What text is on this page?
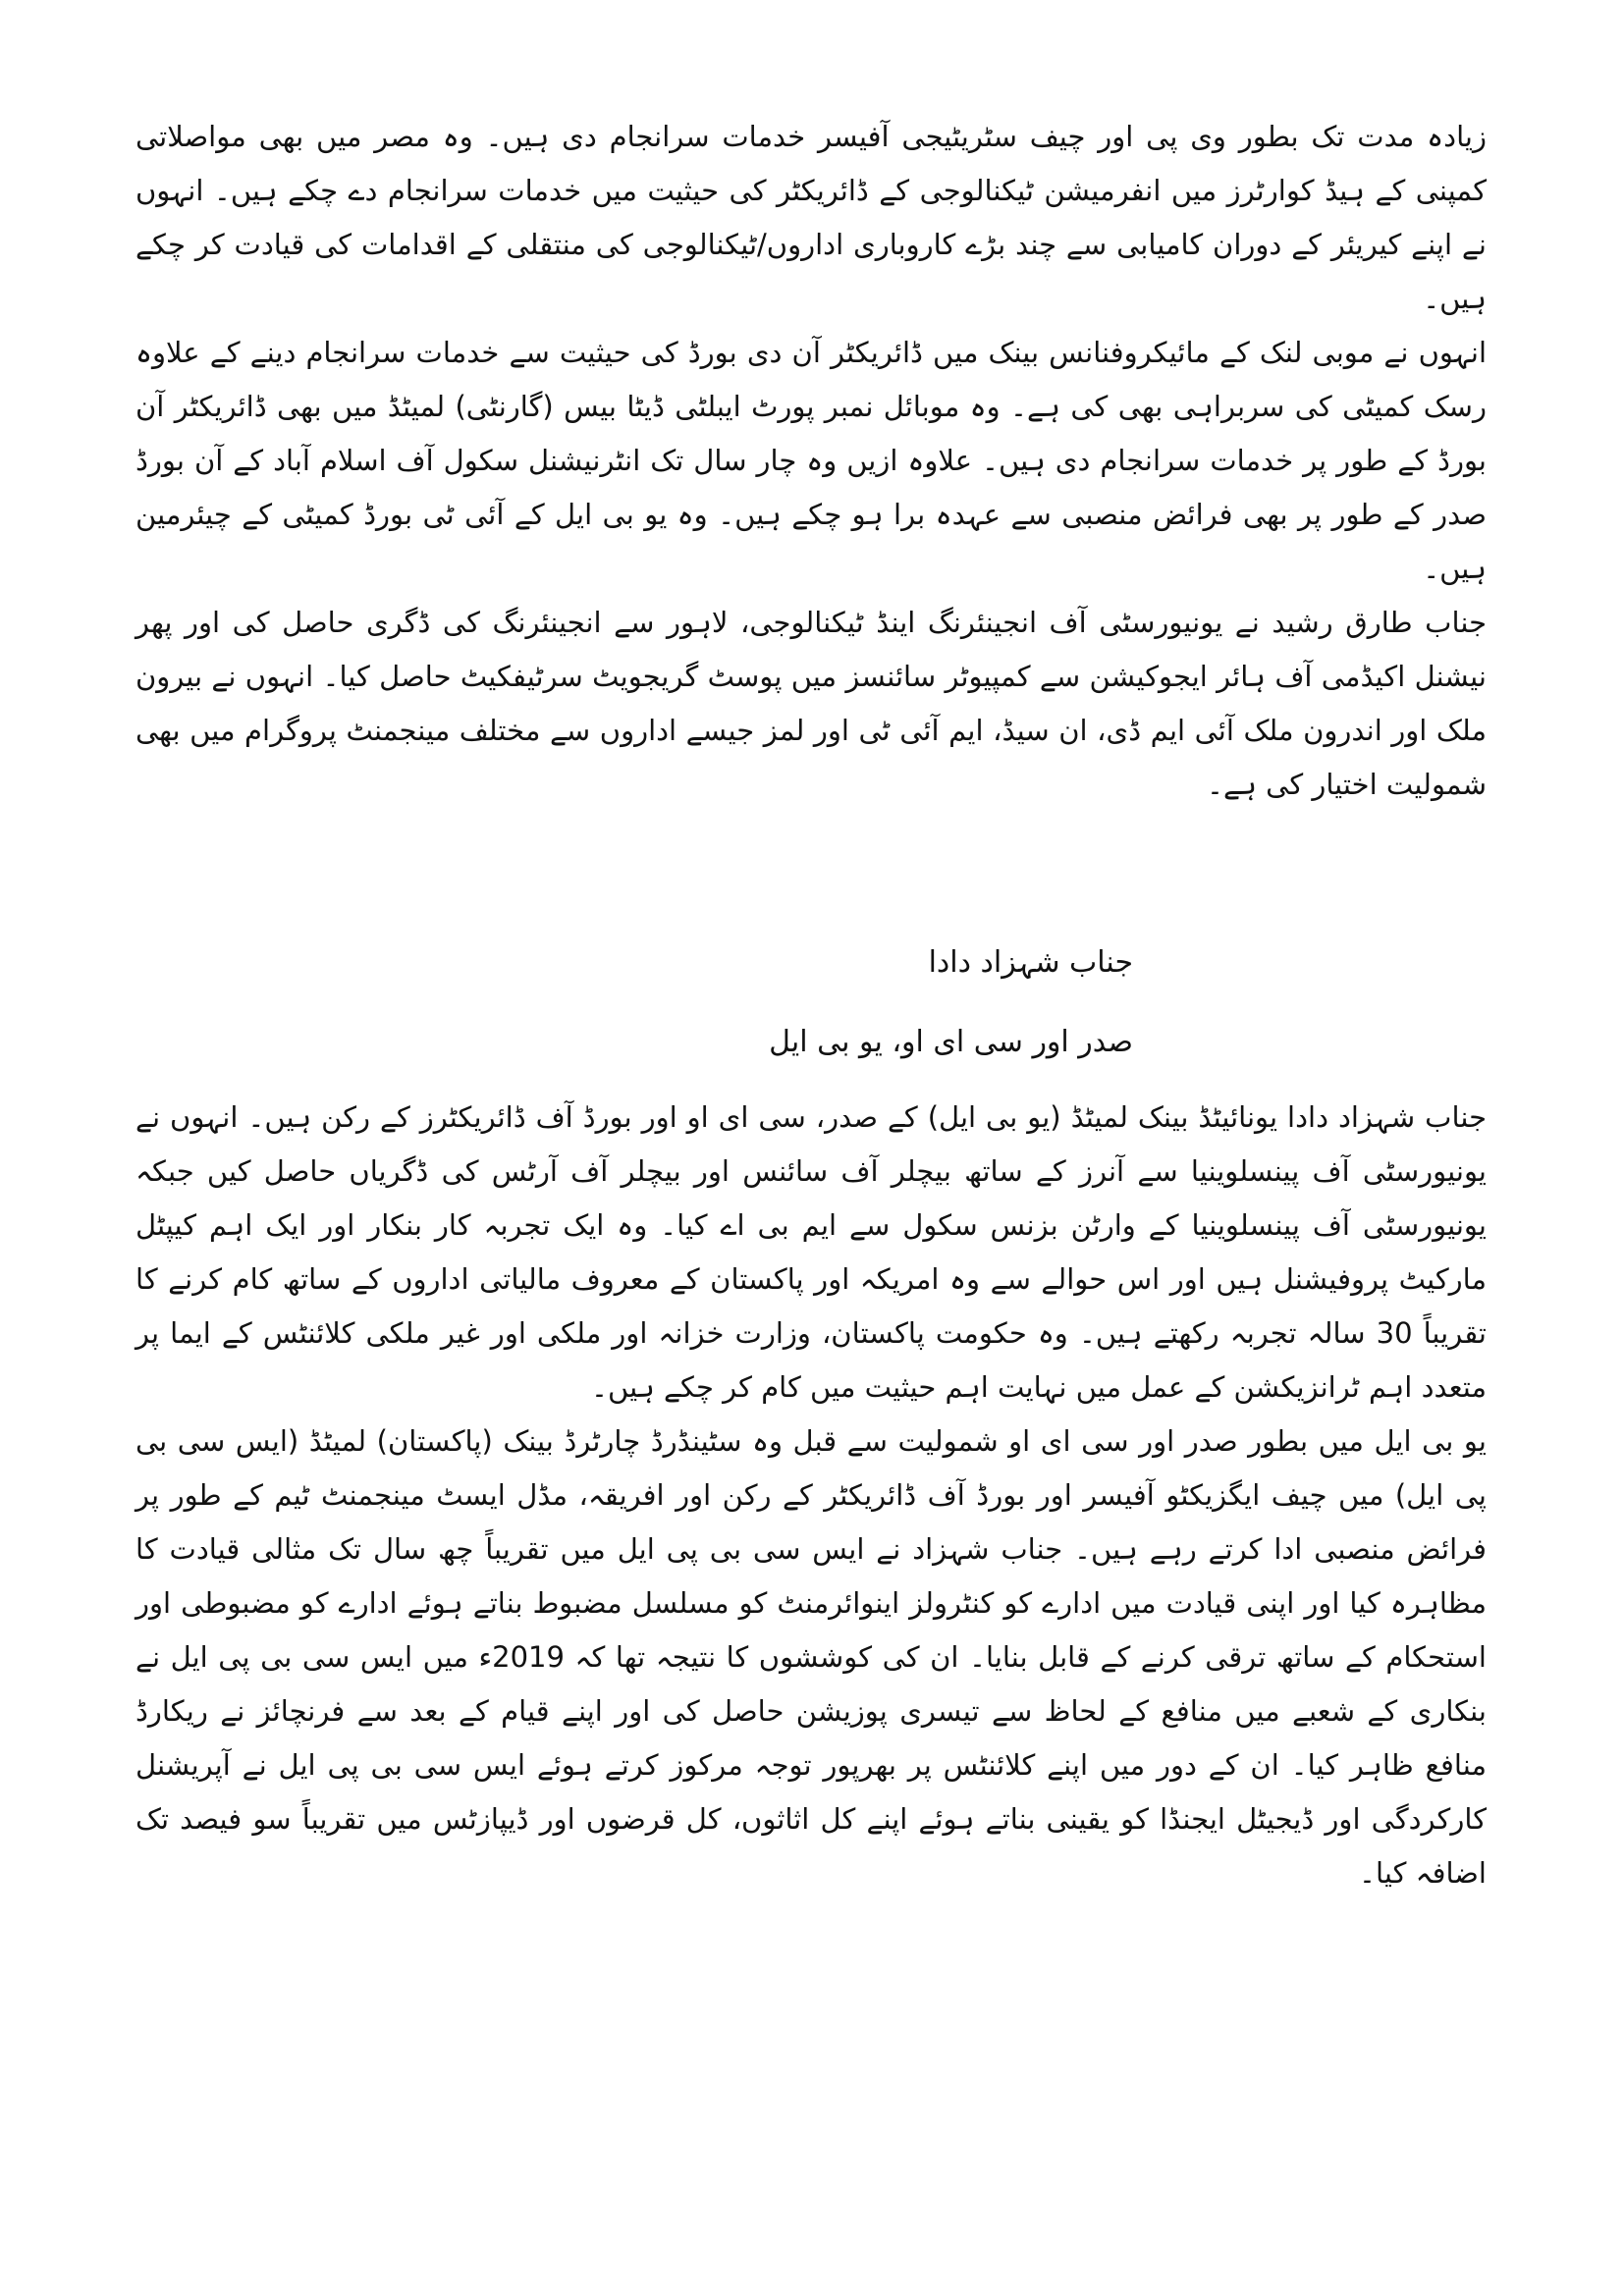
زیادہ مدت تک بطور وی پی اور چیف سٹریٹیجی آفیسر خدمات سرانجام دی ہیں۔ وہ مصر میں بھی مواصلاتی کمپنی کے ہیڈ کوارٹرز میں انفرمیشن ٹیکنالوجی کے ڈائریکٹر کی حیثیت میں خدمات سرانجام دے چکے ہیں۔ انہوں نے اپنے کیریئر کے دوران کامیابی سے چند بڑے کاروباری اداروں/ٹیکنالوجی کی منتقلی کے اقدامات کی قیادت کر چکے ہیں۔

انہوں نے موبی لنک کے مائیکروفنانس بینک میں ڈائریکٹر آن دی بورڈ کی حیثیت سے خدمات سرانجام دینے کے علاوہ رسک کمیٹی کی سربراہی بھی کی ہے۔ وہ موبائل نمبر پورٹ ایبلٹی ڈیٹا بیس (گارنٹی) لمیٹڈ میں بھی ڈائریکٹر آن بورڈ کے طور پر خدمات سرانجام دی ہیں۔ علاوہ ازیں وہ چار سال تک انٹرنیشنل سکول آف اسلام آباد کے آن بورڈ صدر کے طور پر بھی فرائض منصبی سے عہدہ برا ہو چکے ہیں۔ وہ یو بی ایل کے آئی ٹی بورڈ کمیٹی کے چیئرمین ہیں۔

جناب طارق رشید نے یونیورسٹی آف انجینئرنگ اینڈ ٹیکنالوجی، لاہور سے انجینئرنگ کی ڈگری حاصل کی اور پھر نیشنل اکیڈمی آف ہائر ایجوکیشن سے کمپیوٹر سائنسز میں پوسٹ گریجویٹ سرٹیفکیٹ حاصل کیا۔ انہوں نے بیرون ملک اور اندرون ملک آئی ایم ڈی، ان سیڈ، ایم آئی ٹی اور لمز جیسے اداروں سے مختلف مینجمنٹ پروگرام میں بھی شمولیت اختیار کی ہے۔

جناب شہزاد دادا

صدر اور سی ای او، یو بی ایل

جناب شہزاد دادا یونائیٹڈ بینک لمیٹڈ (یو بی ایل) کے صدر، سی ای او اور بورڈ آف ڈائریکٹرز کے رکن ہیں۔ انہوں نے یونیورسٹی آف پینسلوینیا سے آنرز کے ساتھ بیچلر آف سائنس اور بیچلر آف آرٹس کی ڈگریاں حاصل کیں جبکہ یونیورسٹی آف پینسلوینیا کے وارٹن بزنس سکول سے ایم بی اے کیا۔ وہ ایک تجربہ کار بنکار اور ایک اہم کیپٹل مارکیٹ پروفیشنل ہیں اور اس حوالے سے وہ امریکہ اور پاکستان کے معروف مالیاتی اداروں کے ساتھ کام کرنے کا تقریباً 30 سالہ تجربہ رکھتے ہیں۔ وہ حکومت پاکستان، وزارت خزانہ اور ملکی اور غیر ملکی کلائنٹس کے ایما پر متعدد اہم ٹرانزیکشن کے عمل میں نہایت اہم حیثیت میں کام کر چکے ہیں۔

یو بی ایل میں بطور صدر اور سی ای او شمولیت سے قبل وہ سٹینڈرڈ چارٹرڈ بینک (پاکستان) لمیٹڈ (ایس سی بی پی ایل) میں چیف ایگزیکٹو آفیسر اور بورڈ آف ڈائریکٹر کے رکن اور افریقہ، مڈل ایسٹ مینجمنٹ ٹیم کے طور پر فرائض منصبی ادا کرتے رہے ہیں۔ جناب شہزاد نے ایس سی بی پی ایل میں تقریباً چھ سال تک مثالی قیادت کا مظاہرہ کیا اور اپنی قیادت میں ادارے کو کنٹرولز اینوائرمنٹ کو مسلسل مضبوط بناتے ہوئے ادارے کو مضبوطی اور استحکام کے ساتھ ترقی کرنے کے قابل بنایا۔ ان کی کوششوں کا نتیجہ تھا کہ 2019ء میں ایس سی بی پی ایل نے بنکاری کے شعبے میں منافع کے لحاظ سے تیسری پوزیشن حاصل کی اور اپنے قیام کے بعد سے فرنچائز نے ریکارڈ منافع ظاہر کیا۔ ان کے دور میں اپنے کلائنٹس پر بھرپور توجہ مرکوز کرتے ہوئے ایس سی بی پی ایل نے آپریشنل کارکردگی اور ڈیجیٹل ایجنڈا کو یقینی بناتے ہوئے اپنے کل اثاثوں، کل قرضوں اور ڈیپازٹس میں تقریباً سو فیصد تک اضافہ کیا۔
